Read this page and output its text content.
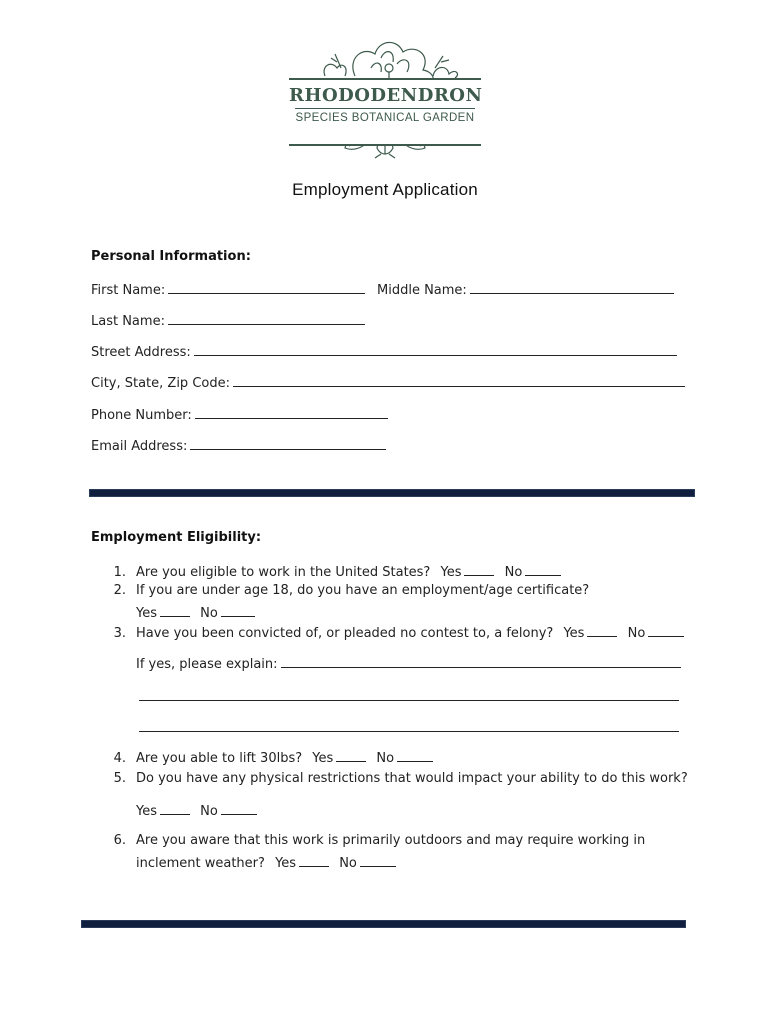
RHODODENDRON
SPECIES BOTANICAL GARDEN
Employment Application
Personal Information:
First Name:	Middle Name:
Last Name:
Street Address:
City, State, Zip Code:
Phone Number:
Email Address:
Employment Eligibility:
1. Are you eligible to work in the United States? Yes	No
2. If you are under age 18, do you have an employment/age certificate?
Yes	No
3. Have you been convicted of, or pleaded no contest to, a felony? Yes	No
If yes, please explain:
4. Are you able to lift 30lbs? Yes	No
5. Do you have any physical restrictions that would impact your ability to do this work?
Yes	No
6. Are you aware that this work is primarily outdoors and may require working in
inclement weather? Yes	No
